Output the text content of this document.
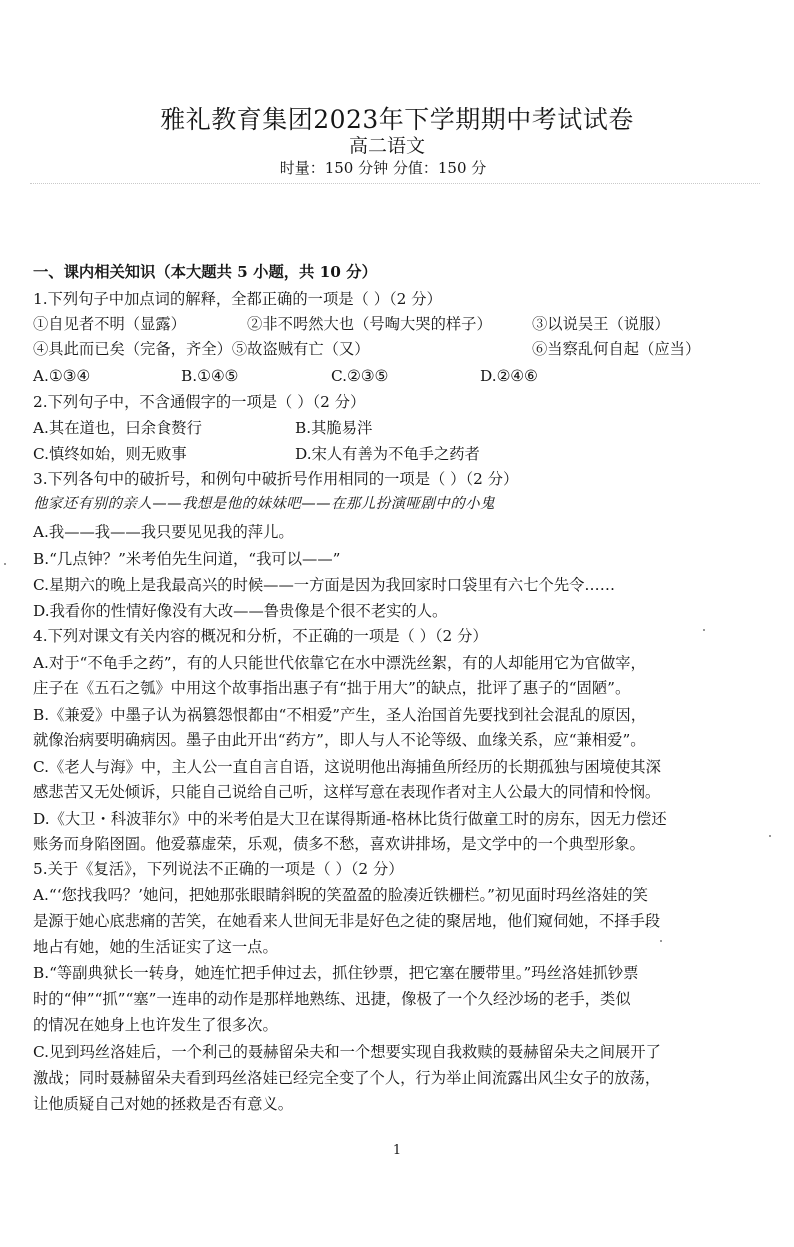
雅礼教育集团2023年下学期期中考试试卷
高二语文
时量：150 分钟 分值：150 分
一、课内相关知识（本大题共 5 小题，共 10 分）
1.下列句子中加点词的解释，全都正确的一项是（ ）（2 分）
①自见者不明（显露）	②非不呺然大也（号啕大哭的样子）	③以说吴王（说服）
④具此而已矣（完备，齐全）⑤故盗贼有亡（又）	⑥当察乱何自起（应当）
A.①③④	B.①④⑤	C.②③⑤	D.②④⑥
2.下列句子中，不含通假字的一项是（ ）（2 分）
A.其在道也，曰余食赘行	B.其脆易泮
C.慎终如始，则无败事	D.宋人有善为不龟手之药者
3.下列各句中的破折号，和例句中破折号作用相同的一项是（ ）（2 分）
他家还有别的亲人——我想是他的妹妹吧——在那儿扮演哑剧中的小鬼
A.我——我——我只要见见我的萍儿。
B.“几点钟？”米考伯先生问道，“我可以——”
C.星期六的晚上是我最高兴的时候——一方面是因为我回家时口袋里有六七个先令……
D.我看你的性情好像没有大改——鲁贵像是个很不老实的人。
4.下列对课文有关内容的概况和分析，不正确的一项是（ ）（2 分）
A.对于“不龟手之药”，有的人只能世代依靠它在水中漂洗丝絮，有的人却能用它为官做宰，
庄子在《五石之瓠》中用这个故事指出惠子有“拙于用大”的缺点，批评了惠子的“固陋”。
B.《兼爱》中墨子认为祸篡怨恨都由“不相爱”产生，圣人治国首先要找到社会混乱的原因，
就像治病要明确病因。墨子由此开出“药方”，即人与人不论等级、血缘关系，应“兼相爱”。
C.《老人与海》中，主人公一直自言自语，这说明他出海捕鱼所经历的长期孤独与困境使其深
感悲苦又无处倾诉，只能自己说给自己听，这样写意在表现作者对主人公最大的同情和怜悯。
D.《大卫・科波菲尔》中的米考伯是大卫在谋得斯通-格林比货行做童工时的房东，因无力偿还
账务而身陷囹圄。他爱慕虚荣，乐观，债多不愁，喜欢讲排场，是文学中的一个典型形象。
5.关于《复活》，下列说法不正确的一项是（ ）（2 分）
A.“‘您找我吗？’她问，把她那张眼睛斜睨的笑盈盈的脸凑近铁栅栏。”初见面时玛丝洛娃的笑
是源于她心底悲痛的苦笑，在她看来人世间无非是好色之徒的聚居地，他们窥伺她，不择手段
地占有她，她的生活证实了这一点。
B.“等副典狱长一转身，她连忙把手伸过去，抓住钞票，把它塞在腰带里。”玛丝洛娃抓钞票
时的“伸”“抓”“塞”一连串的动作是那样地熟练、迅捷，像极了一个久经沙场的老手，类似
的情况在她身上也许发生了很多次。
C.见到玛丝洛娃后，一个利己的聂赫留朵夫和一个想要实现自我救赎的聂赫留朵夫之间展开了
激战；同时聂赫留朵夫看到玛丝洛娃已经完全变了个人，行为举止间流露出风尘女子的放荡，
让他质疑自己对她的拯救是否有意义。
1
